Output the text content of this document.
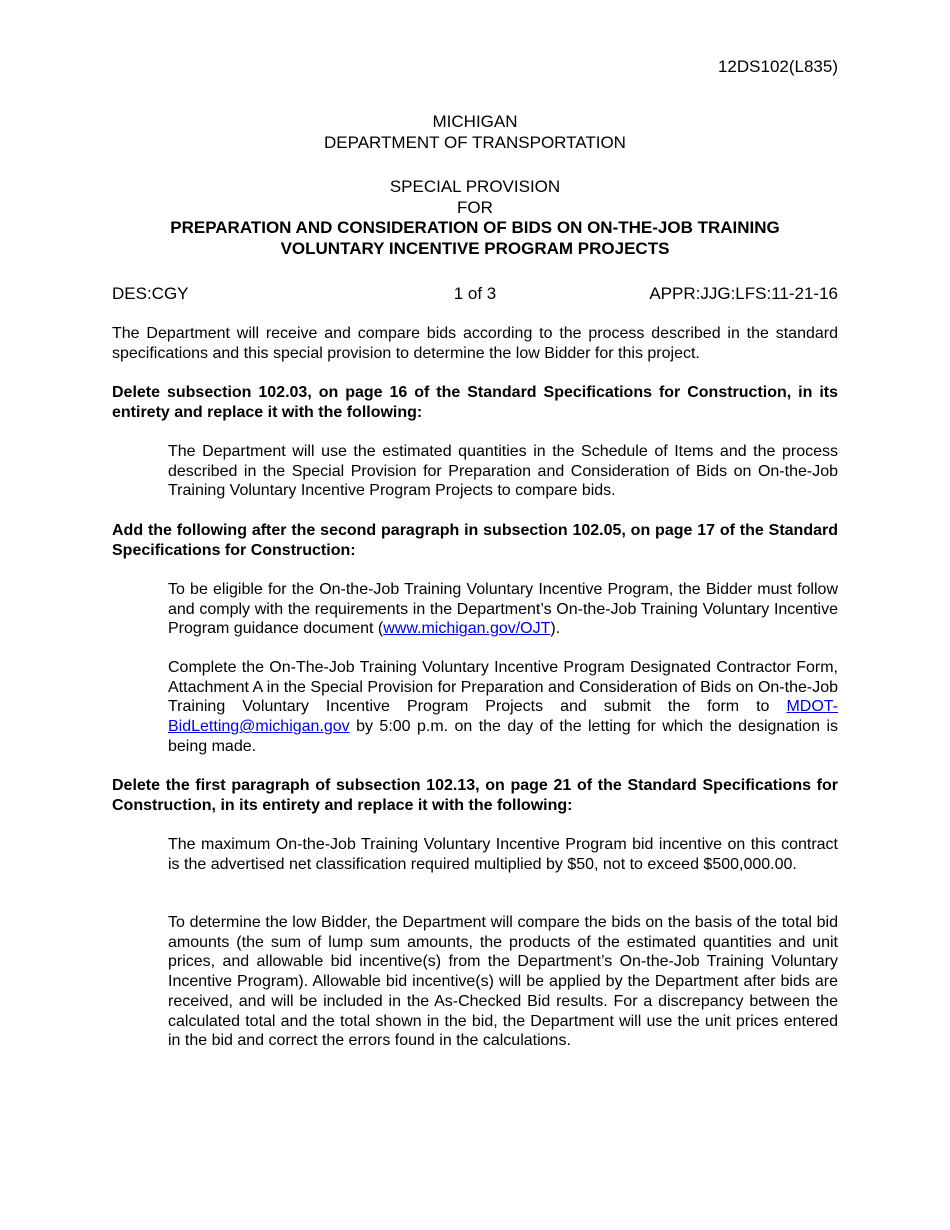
12DS102(L835)
MICHIGAN
DEPARTMENT OF TRANSPORTATION
SPECIAL PROVISION
FOR
PREPARATION AND CONSIDERATION OF BIDS ON ON-THE-JOB TRAINING
VOLUNTARY INCENTIVE PROGRAM PROJECTS
DES:CGY	1 of 3	APPR:JJG:LFS:11-21-16

The Department will receive and compare bids according to the process described in the standard specifications and this special provision to determine the low Bidder for this project.

Delete subsection 102.03, on page 16 of the Standard Specifications for Construction, in its entirety and replace it with the following:

The Department will use the estimated quantities in the Schedule of Items and the process described in the Special Provision for Preparation and Consideration of Bids on On-the-Job Training Voluntary Incentive Program Projects to compare bids.

Add the following after the second paragraph in subsection 102.05, on page 17 of the Standard Specifications for Construction:

To be eligible for the On-the-Job Training Voluntary Incentive Program, the Bidder must follow and comply with the requirements in the Department’s On-the-Job Training Voluntary Incentive Program guidance document (www.michigan.gov/OJT).

Complete the On-The-Job Training Voluntary Incentive Program Designated Contractor Form, Attachment A in the Special Provision for Preparation and Consideration of Bids on On-the-Job Training Voluntary Incentive Program Projects and submit the form to MDOT-BidLetting@michigan.gov by 5:00 p.m. on the day of the letting for which the designation is being made.

Delete the first paragraph of subsection 102.13, on page 21 of the Standard Specifications for Construction, in its entirety and replace it with the following:

The maximum On-the-Job Training Voluntary Incentive Program bid incentive on this contract is the advertised net classification required multiplied by $50, not to exceed $500,000.00.

To determine the low Bidder, the Department will compare the bids on the basis of the total bid amounts (the sum of lump sum amounts, the products of the estimated quantities and unit prices, and allowable bid incentive(s) from the Department’s On-the-Job Training Voluntary Incentive Program). Allowable bid incentive(s) will be applied by the Department after bids are received, and will be included in the As-Checked Bid results. For a discrepancy between the calculated total and the total shown in the bid, the Department will use the unit prices entered in the bid and correct the errors found in the calculations.
